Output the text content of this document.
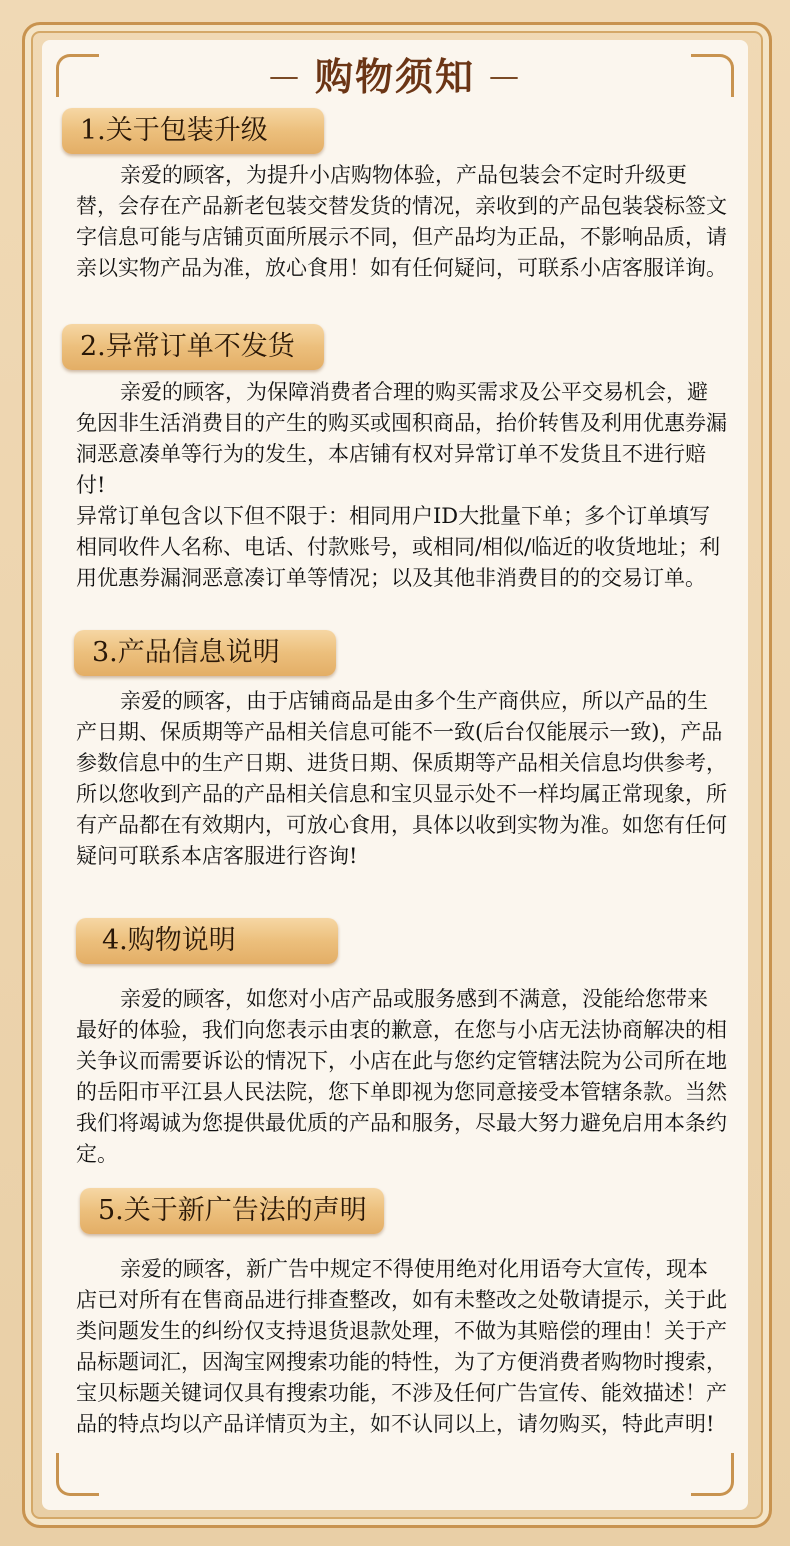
— 购物须知 —
1.关于包装升级

亲爱的顾客，为提升小店购物体验，产品包装会不定时升级更替，会存在产品新老包装交替发货的情况，亲收到的产品包装袋标签文字信息可能与店铺页面所展示不同，但产品均为正品，不影响品质，请亲以实物产品为准，放心食用！如有任何疑问，可联系小店客服详询。

2.异常订单不发货

亲爱的顾客，为保障消费者合理的购买需求及公平交易机会，避免因非生活消费目的产生的购买或囤积商品，抬价转售及利用优惠券漏洞恶意凑单等行为的发生，本店铺有权对异常订单不发货且不进行赔付!

异常订单包含以下但不限于：相同用户ID大批量下单；多个订单填写相同收件人名称、电话、付款账号，或相同/相似/临近的收货地址；利用优惠券漏洞恶意凑订单等情况；以及其他非消费目的的交易订单。

3.产品信息说明

亲爱的顾客，由于店铺商品是由多个生产商供应，所以产品的生产日期、保质期等产品相关信息可能不一致(后台仅能展示一致)，产品参数信息中的生产日期、进货日期、保质期等产品相关信息均供参考，所以您收到产品的产品相关信息和宝贝显示处不一样均属正常现象，所有产品都在有效期内，可放心食用，具体以收到实物为准。如您有任何疑问可联系本店客服进行咨询!

4.购物说明

亲爱的顾客，如您对小店产品或服务感到不满意，没能给您带来最好的体验，我们向您表示由衷的歉意，在您与小店无法协商解决的相关争议而需要诉讼的情况下，小店在此与您约定管辖法院为公司所在地的岳阳市平江县人民法院，您下单即视为您同意接受本管辖条款。当然我们将竭诚为您提供最优质的产品和服务，尽最大努力避免启用本条约定。

5.关于新广告法的声明

亲爱的顾客，新广告中规定不得使用绝对化用语夸大宣传，现本店已对所有在售商品进行排查整改，如有未整改之处敬请提示，关于此类问题发生的纠纷仅支持退货退款处理，不做为其赔偿的理由！关于产品标题词汇，因淘宝网搜索功能的特性，为了方便消费者购物时搜索，宝贝标题关键词仅具有搜索功能，不涉及任何广告宣传、能效描述！产品的特点均以产品详情页为主，如不认同以上，请勿购买，特此声明!
